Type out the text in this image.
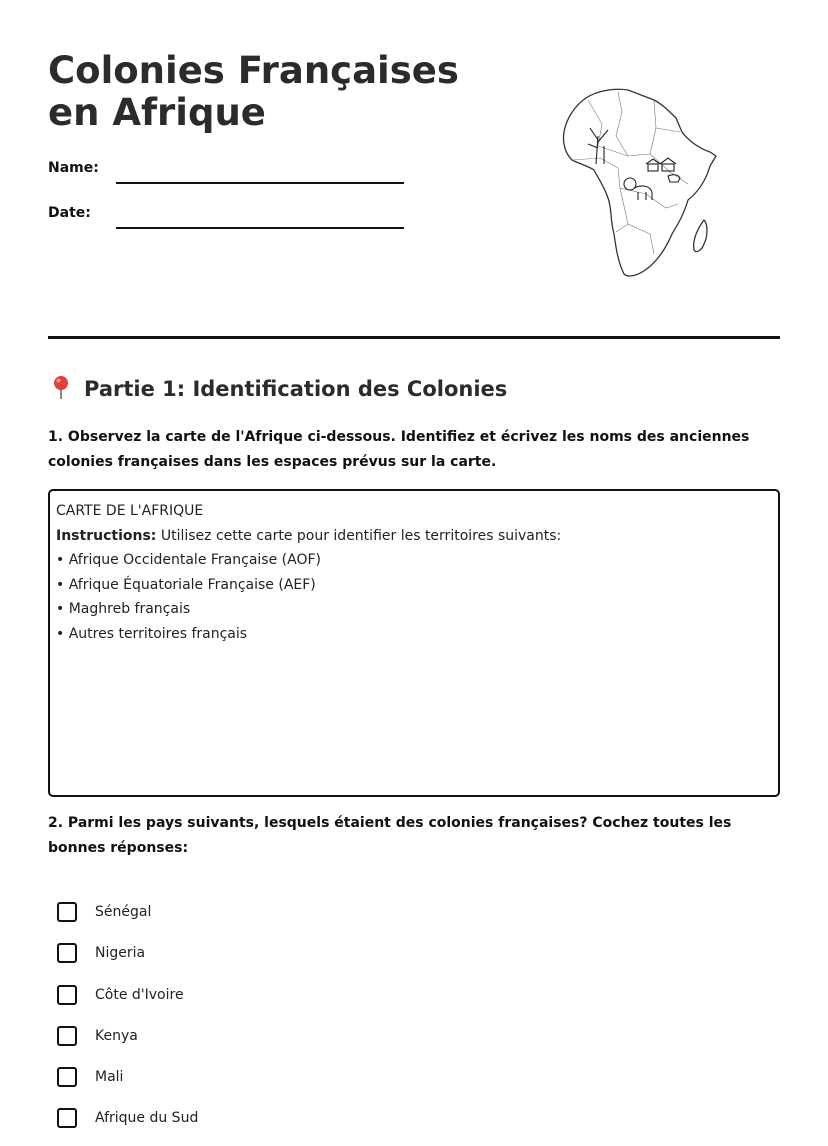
Colonies Françaises en Afrique
Name:
Date:
Partie 1: Identification des Colonies

1. Observez la carte de l'Afrique ci-dessous. Identifiez et écrivez les noms des anciennes colonies françaises dans les espaces prévus sur la carte.

CARTE DE L'AFRIQUE
Instructions: Utilisez cette carte pour identifier les territoires suivants:
• Afrique Occidentale Française (AOF)
• Afrique Équatoriale Française (AEF)
• Maghreb français
• Autres territoires français

2. Parmi les pays suivants, lesquels étaient des colonies françaises? Cochez toutes les bonnes réponses:

Sénégal
Nigeria
Côte d'Ivoire
Kenya
Mali
Afrique du Sud
